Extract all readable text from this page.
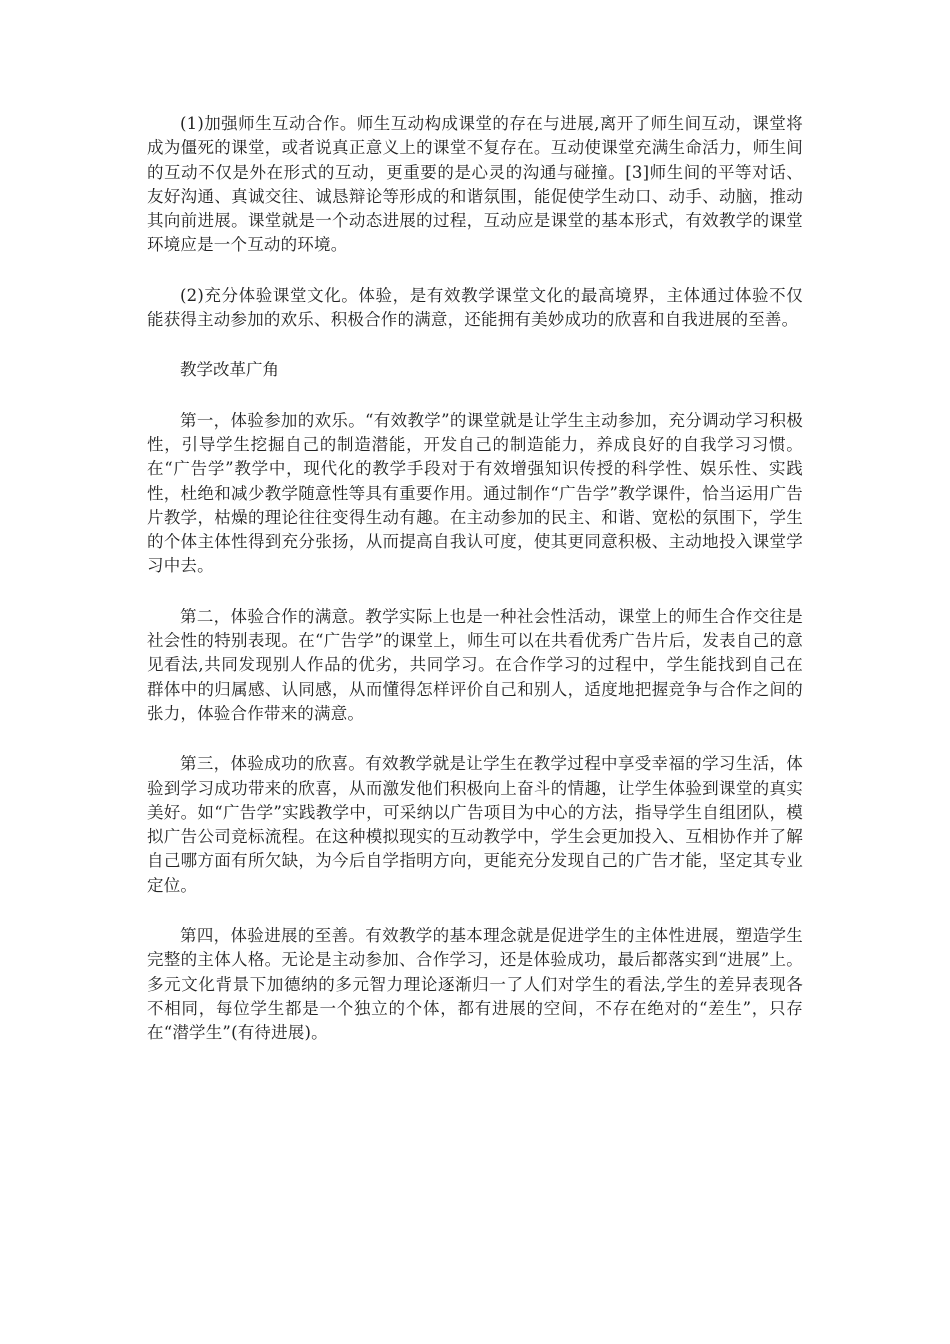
(1)加强师生互动合作。师生互动构成课堂的存在与进展,离开了师生间互动，课堂将成为僵死的课堂，或者说真正意义上的课堂不复存在。互动使课堂充满生命活力，师生间的互动不仅是外在形式的互动，更重要的是心灵的沟通与碰撞。[3]师生间的平等对话、友好沟通、真诚交往、诚恳辩论等形成的和谐氛围，能促使学生动口、动手、动脑，推动其向前进展。课堂就是一个动态进展的过程，互动应是课堂的基本形式，有效教学的课堂环境应是一个互动的环境。

(2)充分体验课堂文化。体验，是有效教学课堂文化的最高境界，主体通过体验不仅能获得主动参加的欢乐、积极合作的满意，还能拥有美妙成功的欣喜和自我进展的至善。

教学改革广角

第一，体验参加的欢乐。“有效教学”的课堂就是让学生主动参加，充分调动学习积极性，引导学生挖掘自己的制造潜能，开发自己的制造能力，养成良好的自我学习习惯。在“广告学”教学中，现代化的教学手段对于有效增强知识传授的科学性、娱乐性、实践性，杜绝和减少教学随意性等具有重要作用。通过制作“广告学”教学课件，恰当运用广告片教学，枯燥的理论往往变得生动有趣。在主动参加的民主、和谐、宽松的氛围下，学生的个体主体性得到充分张扬，从而提高自我认可度，使其更同意积极、主动地投入课堂学习中去。

第二，体验合作的满意。教学实际上也是一种社会性活动，课堂上的师生合作交往是社会性的特别表现。在“广告学”的课堂上，师生可以在共看优秀广告片后，发表自己的意见看法,共同发现别人作品的优劣，共同学习。在合作学习的过程中，学生能找到自己在群体中的归属感、认同感，从而懂得怎样评价自己和别人，适度地把握竞争与合作之间的张力，体验合作带来的满意。

第三，体验成功的欣喜。有效教学就是让学生在教学过程中享受幸福的学习生活，体验到学习成功带来的欣喜，从而激发他们积极向上奋斗的情趣，让学生体验到课堂的真实美好。如“广告学”实践教学中，可采纳以广告项目为中心的方法，指导学生自组团队，模拟广告公司竞标流程。在这种模拟现实的互动教学中，学生会更加投入、互相协作并了解自己哪方面有所欠缺，为今后自学指明方向，更能充分发现自己的广告才能，坚定其专业定位。

第四，体验进展的至善。有效教学的基本理念就是促进学生的主体性进展，塑造学生完整的主体人格。无论是主动参加、合作学习，还是体验成功，最后都落实到“进展”上。多元文化背景下加德纳的多元智力理论逐渐归一了人们对学生的看法,学生的差异表现各不相同，每位学生都是一个独立的个体，都有进展的空间，不存在绝对的“差生”，只存在“潜学生”(有待进展)。
